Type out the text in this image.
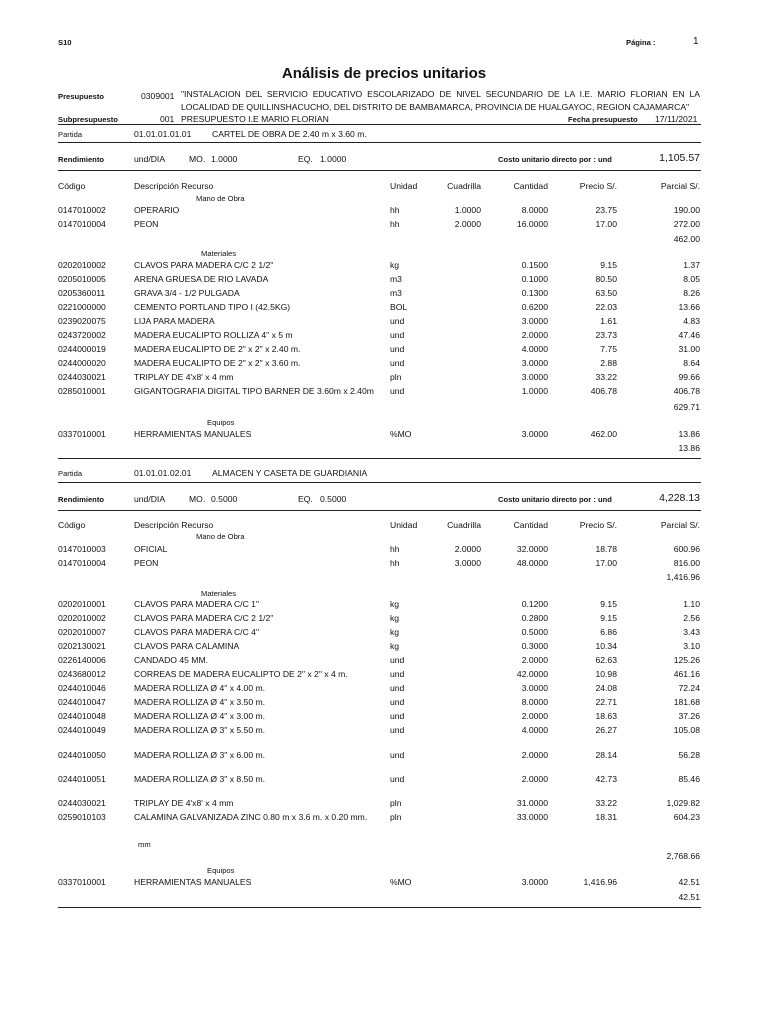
S10	Página :	1
Análisis de precios unitarios
Presupuesto	0309001 "INSTALACION DEL SERVICIO EDUCATIVO ESCOLARIZADO DE NIVEL SECUNDARIO DE LA I.E. MARIO FLORIAN EN LA LOCALIDAD DE QUILLINSHACUCHO, DEL DISTRITO DE BAMBAMARCA, PROVINCIA DE HUALGAYOC, REGION CAJAMARCA"
Subpresupuesto	001 PRESUPUESTO I.E MARIO FLORIAN	Fecha presupuesto 17/11/2021
Partida	01.01.01.01.01 CARTEL DE OBRA DE 2.40 m x 3.60 m.
Rendimiento	und/DIA	MO. 1.0000	EQ. 1.0000	Costo unitario directo por : und	1,105.57
Código	Descripción Recurso	Unidad	Cuadrilla	Cantidad	Precio S/.	Parcial S/.
Mano de Obra
0147010002	OPERARIO	hh	1.0000	8.0000	23.75	190.00
0147010004	PEON	hh	2.0000	16.0000	17.00	272.00
462.00
Materiales
0202010002	CLAVOS PARA MADERA C/C 2 1/2"	kg	0.1500	9.15	1.37
0205010005	ARENA GRUESA DE RIO LAVADA	m3	0.1000	80.50	8.05
0205360011	GRAVA 3/4 - 1/2 PULGADA	m3	0.1300	63.50	8.26
0221000000	CEMENTO PORTLAND TIPO I (42.5KG)	BOL	0.6200	22.03	13.66
0239020075	LIJA PARA MADERA	und	3.0000	1.61	4.83
0243720002	MADERA EUCALIPTO ROLLIZA 4" x 5 m	und	2.0000	23.73	47.46
0244000019	MADERA EUCALIPTO DE 2" x 2" x 2.40 m.	und	4.0000	7.75	31.00
0244000020	MADERA EUCALIPTO DE 2" x 2" x 3.60 m.	und	3.0000	2.88	8.64
0244030021	TRIPLAY DE 4'x8' x 4 mm	pln	3.0000	33.22	99.66
0285010001	GIGANTOGRAFIA DIGITAL TIPO BARNER DE 3.60m x 2.40m und	1.0000	406.78	406.78
629.71
Equipos
0337010001	HERRAMIENTAS MANUALES	%MO	3.0000	462.00	13.86
13.86
Partida	01.01.01.02.01 ALMACEN Y CASETA DE GUARDIANIA
Rendimiento	und/DIA	MO. 0.5000	EQ. 0.5000	Costo unitario directo por : und	4,228.13
Código	Descripción Recurso	Unidad	Cuadrilla	Cantidad	Precio S/.	Parcial S/.
Mano de Obra
0147010003	OFICIAL	hh	2.0000	32.0000	18.78	600.96
0147010004	PEON	hh	3.0000	48.0000	17.00	816.00
1,416.96
Materiales
0202010001	CLAVOS PARA MADERA C/C 1"	kg	0.1200	9.15	1.10
0202010002	CLAVOS PARA MADERA C/C 2 1/2"	kg	0.2800	9.15	2.56
0202010007	CLAVOS PARA MADERA C/C 4"	kg	0.5000	6.86	3.43
0202130021	CLAVOS PARA CALAMINA	kg	0.3000	10.34	3.10
0226140006	CANDADO 45 MM.	und	2.0000	62.63	125.26
0243680012	CORREAS DE MADERA EUCALIPTO DE 2" x 2" x 4 m.	und	42.0000	10.98	461.16
0244010046	MADERA ROLLIZA Ø 4" x 4.00 m.	und	3.0000	24.08	72.24
0244010047	MADERA ROLLIZA Ø 4" x 3.50 m.	und	8.0000	22.71	181.68
0244010048	MADERA ROLLIZA Ø 4" x 3.00 m.	und	2.0000	18.63	37.26
0244010049	MADERA ROLLIZA Ø 3" x 5.50 m.	und	4.0000	26.27	105.08
0244010050	MADERA ROLLIZA Ø 3" x 6.00 m.	und	2.0000	28.14	56.28
0244010051	MADERA ROLLIZA Ø 3" x 8.50 m.	und	2.0000	42.73	85.46
0244030021	TRIPLAY DE 4'x8' x 4 mm	pln	31.0000	33.22	1,029.82
0259010103	CALAMINA GALVANIZADA ZINC 0.80 m x 3.6 m. x 0.20 mm.	pln	33.0000	18.31	604.23
mm
2,768.66
Equipos
0337010001	HERRAMIENTAS MANUALES	%MO	3.0000	1,416.96	42.51
42.51
